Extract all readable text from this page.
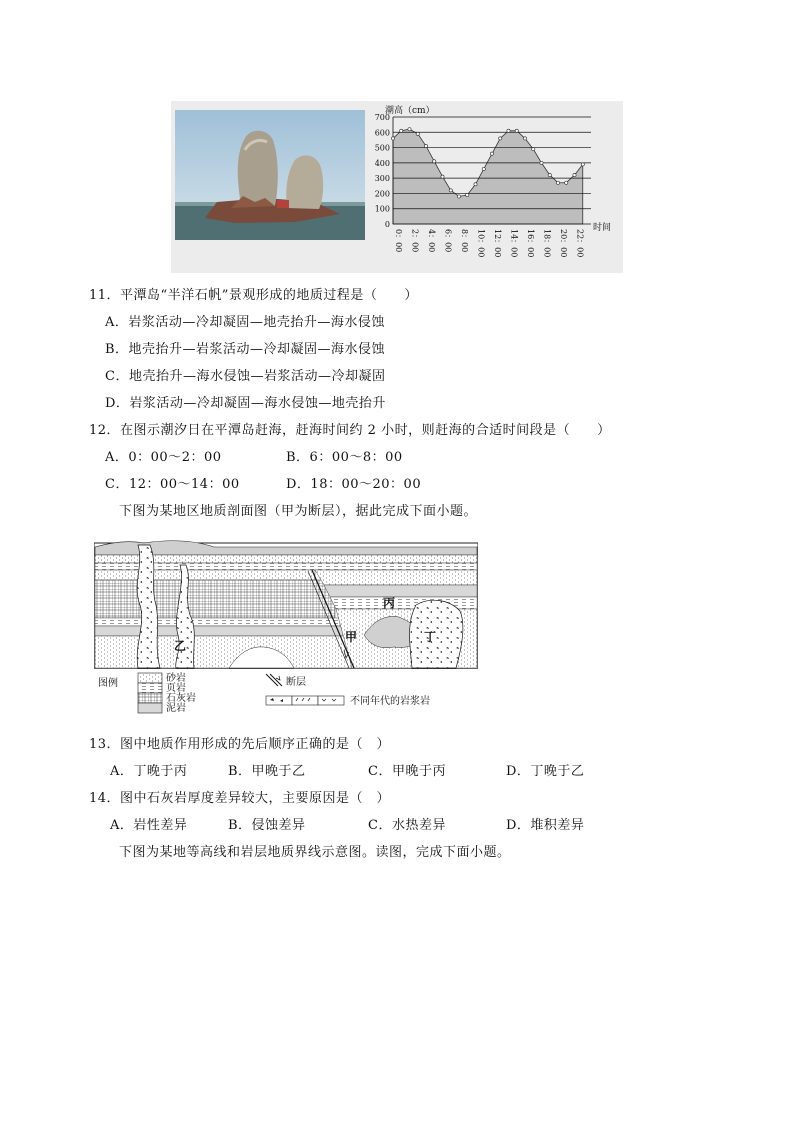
潮高（cm）
0
100
200
300
400
500
600
700
0：00 2：00 4：00 6：00 8：00 10：00 12：00 14：00 16：00 18：00 20：00 22：00
时间
11．平潭岛“半洋石帆”景观形成的地质过程是（　　）
A．岩浆活动—冷却凝固—地壳抬升—海水侵蚀
B．地壳抬升—岩浆活动—冷却凝固—海水侵蚀
C．地壳抬升—海水侵蚀—岩浆活动—冷却凝固
D．岩浆活动—冷却凝固—海水侵蚀—地壳抬升
12．在图示潮汐日在平潭岛赶海，赶海时间约 2 小时，则赶海的合适时间段是（　　）
A．0：00～2：00	B．6：00～8：00
C．12：00～14：00	D．18：00～20：00
下图为某地区地质剖面图（甲为断层），据此完成下面小题。
丙
甲
乙
丁
图例	砂岩
页岩
石灰岩
泥岩
断层
不同年代的岩浆岩
13．图中地质作用形成的先后顺序正确的是（　）
A．丁晚于丙	B．甲晚于乙	C．甲晚于丙	D．丁晚于乙
14．图中石灰岩厚度差异较大，主要原因是（　）
A．岩性差异	B．侵蚀差异	C．水热差异	D．堆积差异
下图为某地等高线和岩层地质界线示意图。读图，完成下面小题。
